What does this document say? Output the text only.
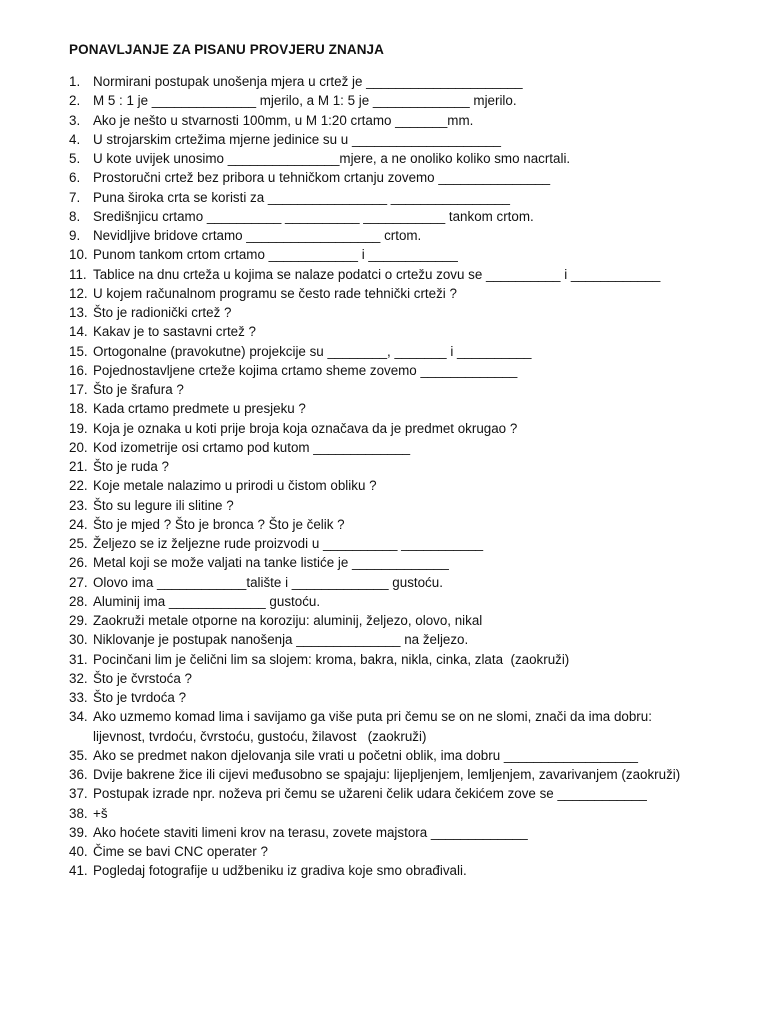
PONAVLJANJE ZA PISANU PROVJERU ZNANJA
1. Normirani postupak unošenja mjera u crtež je _____________________
2. M 5 : 1 je ______________ mjerilo, a M 1: 5 je _____________ mjerilo.
3. Ako je nešto u stvarnosti 100mm, u M 1:20 crtamo _______mm.
4. U strojarskim crtežima mjerne jedinice su u ____________________
5. U kote uvijek unosimo _______________mjere, a ne onoliko koliko smo nacrtali.
6. Prostoručni crtež bez pribora u tehničkom crtanju zovemo _______________
7. Puna široka crta se koristi za ________________ ________________
8. Središnjicu crtamo __________ __________ ___________ tankom crtom.
9. Nevidljive bridove crtamo __________________ crtom.
10. Punom tankom crtom crtamo ____________ i ____________
11. Tablice na dnu crteža u kojima se nalaze podatci o crtežu zovu se __________ i ____________
12. U kojem računalnom programu se često rade tehnički crteži ?
13. Što je radionički crtež ?
14. Kakav je to sastavni crtež ?
15. Ortogonalne (pravokutne) projekcije su ________, _______ i __________
16. Pojednostavljene crteže kojima crtamo sheme zovemo _____________
17. Što je šrafura ?
18. Kada crtamo predmete u presjeku ?
19. Koja je oznaka u koti prije broja koja označava da je predmet okrugao ?
20. Kod izometrije osi crtamo pod kutom _____________
21. Što je ruda ?
22. Koje metale nalazimo u prirodi u čistom obliku ?
23. Što su legure ili slitine ?
24. Što je mjed ? Što je bronca ? Što je čelik ?
25. Željezo se iz željezne rude proizvodi u __________ ___________
26. Metal koji se može valjati na tanke listiće je _____________
27. Olovo ima ____________talište i _____________ gustoću.
28. Aluminij ima _____________ gustoću.
29. Zaokruži metale otporne na koroziju: aluminij, željezo, olovo, nikal
30. Niklovanje je postupak nanošenja ______________ na željezo.
31. Pocinčani lim je čelični lim sa slojem: kroma, bakra, nikla, cinka, zlata  (zaokruži)
32. Što je čvrstoća ?
33. Što je tvrdoća ?
34. Ako uzmemo komad lima i savijamo ga više puta pri čemu se on ne slomi, znači da ima dobru:
lijevnost, tvrdoću, čvrstoću, gustoću, žilavost   (zaokruži)
35. Ako se predmet nakon djelovanja sile vrati u početni oblik, ima dobru __________________
36. Dvije bakrene žice ili cijevi međusobno se spajaju: lijepljenjem, lemljenjem, zavarivanjem (zaokruži)
37. Postupak izrade npr. noževa pri čemu se užareni čelik udara čekićem zove se ____________
38. +š
39. Ako hoćete staviti limeni krov na terasu, zovete majstora _____________
40. Čime se bavi CNC operater ?
41. Pogledaj fotografije u udžbeniku iz gradiva koje smo obrađivali.
